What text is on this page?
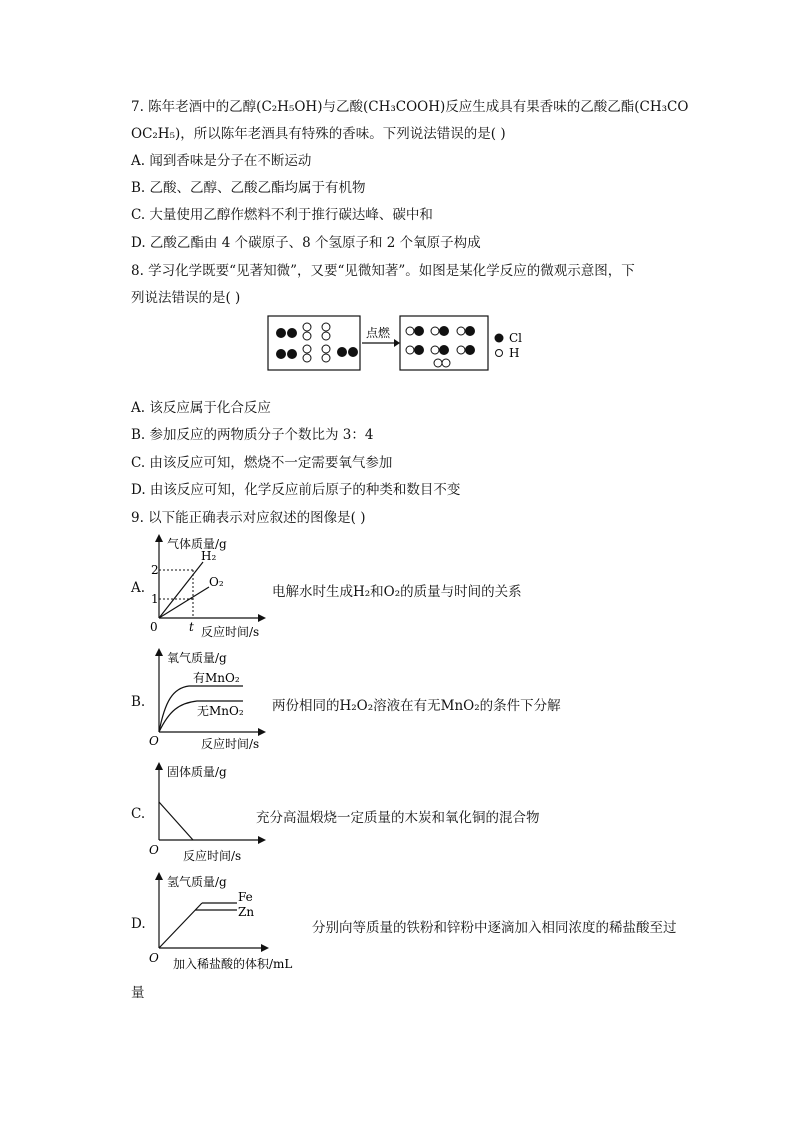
7. 陈年老酒中的乙醇(C₂H₅OH)与乙酸(CH₃COOH)反应生成具有果香味的乙酸乙酯(CH₃CO
OC₂H₅)，所以陈年老酒具有特殊的香味。下列说法错误的是( )
A. 闻到香味是分子在不断运动
B. 乙酸、乙醇、乙酸乙酯均属于有机物
C. 大量使用乙醇作燃料不利于推行碳达峰、碳中和
D. 乙酸乙酯由 4 个碳原子、8 个氢原子和 2 个氧原子构成
8. 学习化学既要“见著知微”，又要“见微知著”。如图是某化学反应的微观示意图，下
列说法错误的是( )
点燃	Cl
H
A. 该反应属于化合反应
B. 参加反应的两物质分子个数比为 3：4
C. 由该反应可知，燃烧不一定需要氧气参加
D. 由该反应可知，化学反应前后原子的种类和数目不变
9. 以下能正确表示对应叙述的图像是( )
A.
气体质量/g
反应时间/s
0
2
1
t
H₂
O₂
电解水时生成H₂和O₂的质量与时间的关系
B.
氧气质量/g
反应时间/s
O
有MnO₂
无MnO₂ 两份相同的H₂O₂溶液在有无MnO₂的条件下分解
C.
固体质量/g
反应时间/s
O
充分高温煅烧一定质量的木炭和氧化铜的混合物
D.
氢气质量/g
加入稀盐酸的体积/mL
O
Fe
Zn
分别向等质量的铁粉和锌粉中逐滴加入相同浓度的稀盐酸至过
量
